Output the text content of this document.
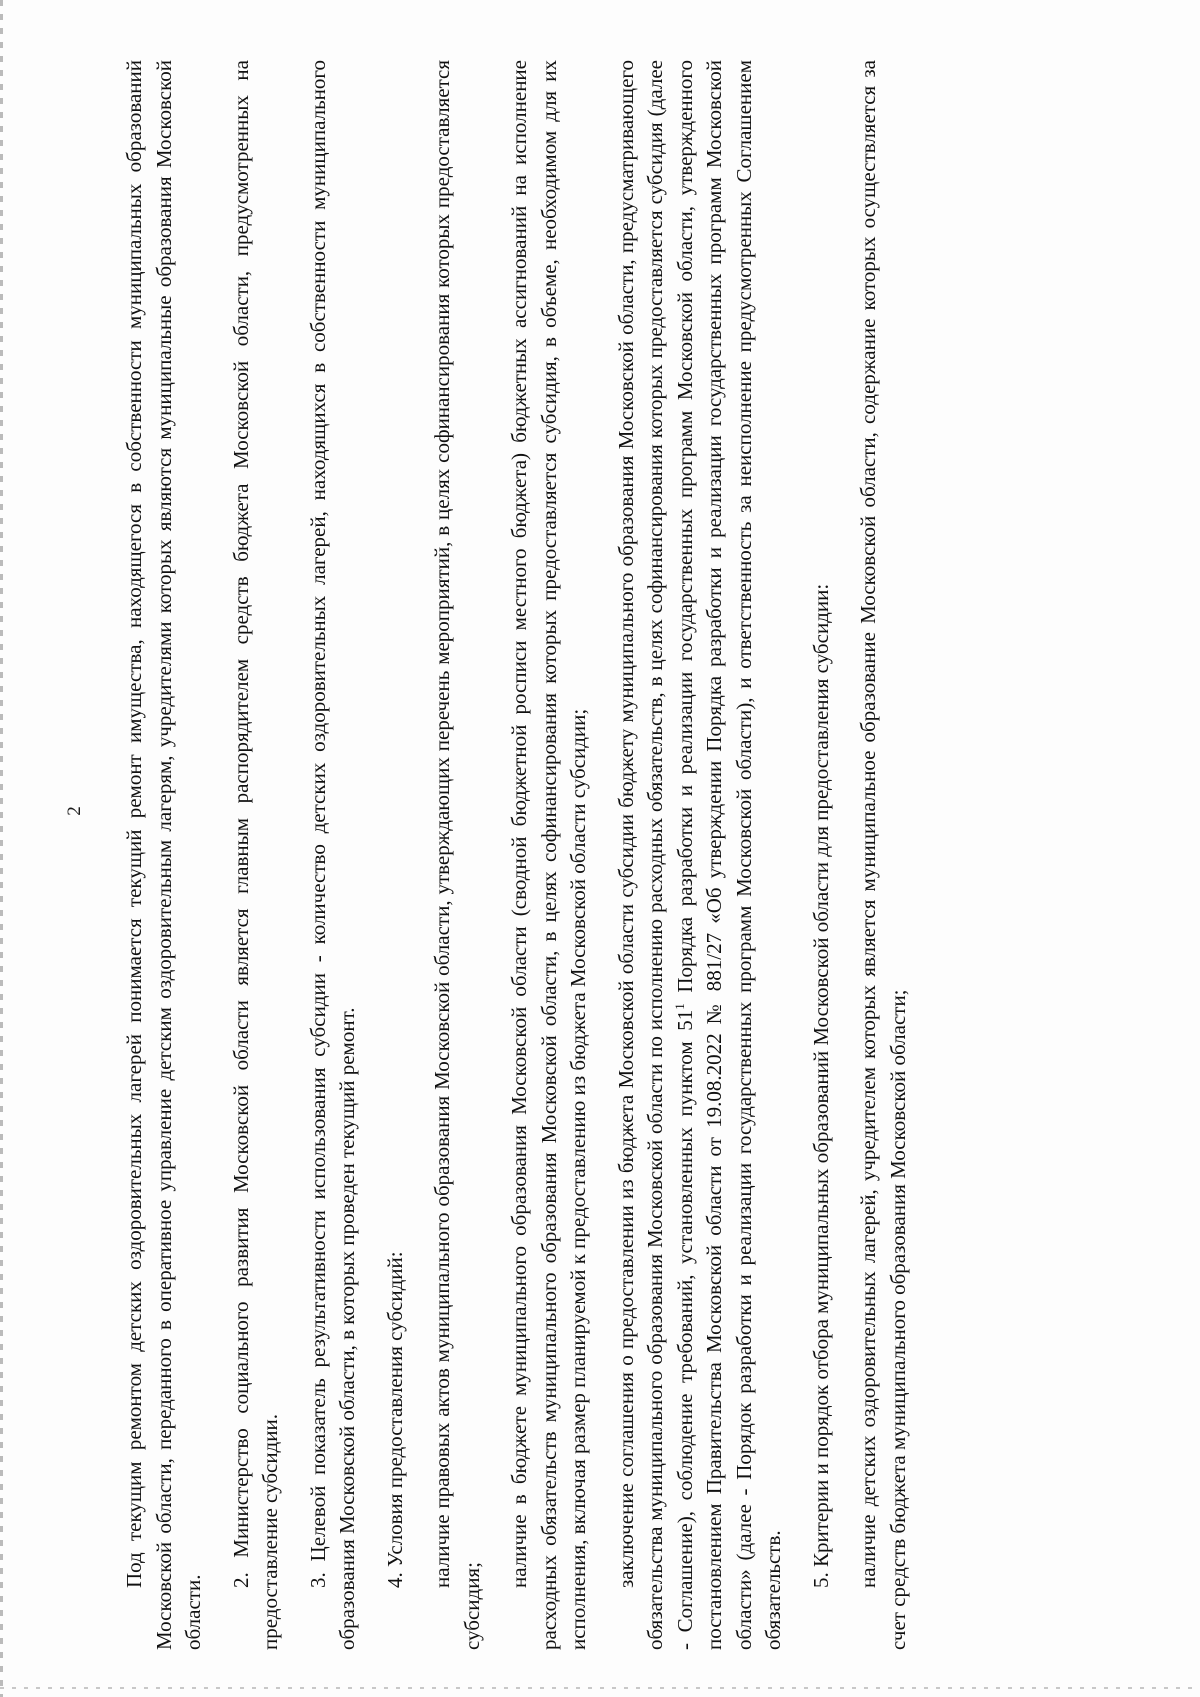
2 Под текущим ремонтом детских оздоровительных лагерей понимается текущий ремонт имущества, находящегося в собственности муниципальных образований Московской области, переданного в оперативное управление детским оздоровительным лагерям, учредителями которых являются муниципальные образования Московской области.

2. Министерство социального развития Московской области является главным распорядителем средств бюджета Московской области, предусмотренных на предоставление субсидии. 3. Целевой показатель результативности использования субсидии - количество детских оздоровительных лагерей, находящихся в собственности муниципального образования Московской области, в которых проведен текущий ремонт. 4. Условия предоставления субсидий: наличие правовых актов муниципального образования Московской области, утверждающих перечень мероприятий, в целях софинансирования которых предоставляется субсидия;

наличие в бюджете муниципального образования Московской области (сводной бюджетной росписи местного бюджета) бюджетных ассигнований на исполнение расходных обязательств муниципального образования Московской области, в целях софинансирования которых предоставляется субсидия, в объеме, необходимом для их исполнения, включая размер планируемой к предоставлению из бюджета Московской области субсидии; заключение соглашения о предоставлении из бюджета Московской области субсидии бюджету муниципального образования Московской области, предусматривающего обязательства муниципального образования Московской области по исполнению расходных обязательств, в целях софинансирования которых предоставляется субсидия (далее - Соглашение), соблюдение требований, установленных пунктом $51^1$ Порядка разработки и реализации государственных программ Московской области, утвержденного постановлением Правительства Московской области от 19.08.2022 № 881/27 «Об утверждении Порядка разработки и реализации государственных программ Московской области» (далее - Порядок разработки и реализации государственных программ Московской области), и ответственность за неисполнение предусмотренных Соглашением обязательств.

5. Критерии и порядок отбора муниципальных образований Московской области для предоставления субсидии: наличие детских оздоровительных лагерей, учредителем которых является муниципальное образование Московской области, содержание которых осуществляется за счет средств бюджета муниципального образования Московской области;
